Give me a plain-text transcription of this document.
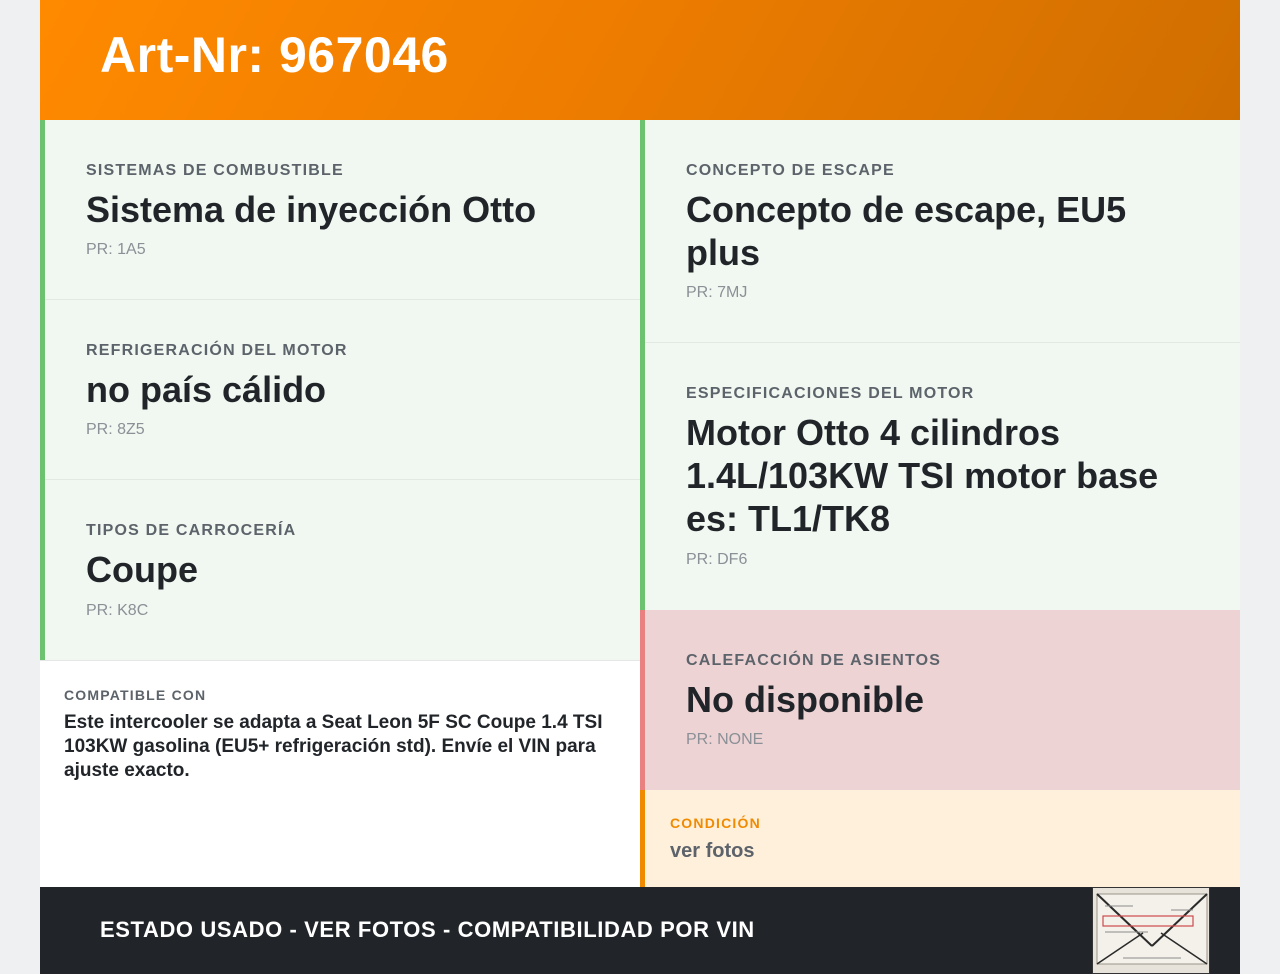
Art-Nr: 967046
SISTEMAS DE COMBUSTIBLE
Sistema de inyección Otto
PR: 1A5
REFRIGERACIÓN DEL MOTOR
no país cálido
PR: 8Z5
TIPOS DE CARROCERÍA
Coupe
PR: K8C
CONCEPTO DE ESCAPE
Concepto de escape, EU5 plus
PR: 7MJ
ESPECIFICACIONES DEL MOTOR
Motor Otto 4 cilindros 1.4L/103KW TSI motor base es: TL1/TK8
PR: DF6
CALEFACCIÓN DE ASIENTOS
No disponible
PR: NONE
COMPATIBLE CON
Este intercooler se adapta a Seat Leon 5F SC Coupe 1.4 TSI 103KW gasolina (EU5+ refrigeración std). Envíe el VIN para ajuste exacto.
CONDICIÓN
ver fotos
ESTADO USADO - VER FOTOS - COMPATIBILIDAD POR VIN
